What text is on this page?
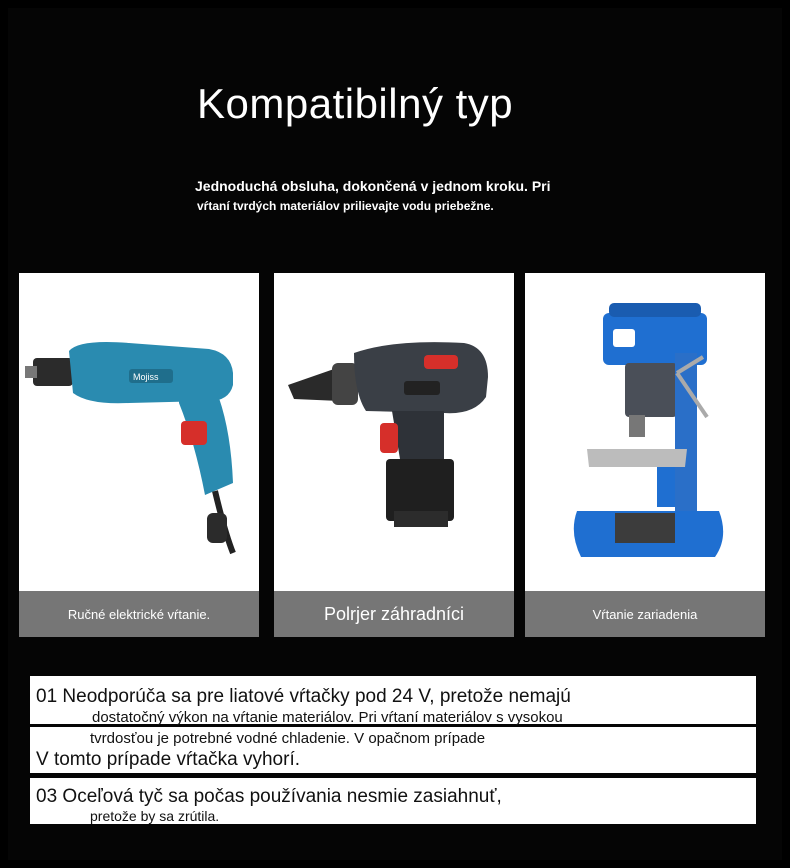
Kompatibilný typ
Jednoduchá obsluha, dokončená v jednom kroku. Pri
vŕtaní tvrdých materiálov prilievajte vodu priebežne.
Mojiss
Ručné elektrické vŕtanie.	Polrjer záhradníci	Vŕtanie zariadenia
01 Neodporúča sa pre liatové vŕtačky pod 24 V, pretože nemajú
dostatočný výkon na vŕtanie materiálov. Pri vŕtaní materiálov s vysokou
tvrdosťou je potrebné vodné chladenie. V opačnom prípade
V tomto prípade vŕtačka vyhorí.
03 Oceľová tyč sa počas používania nesmie zasiahnuť,
pretože by sa zrútila.
